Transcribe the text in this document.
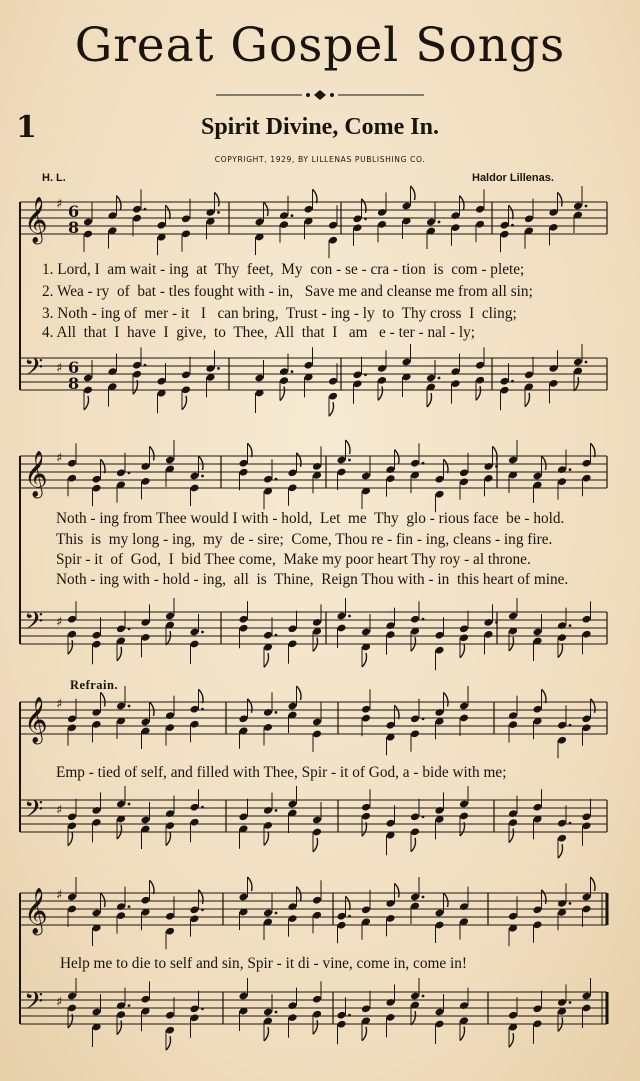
Great Gospel Songs
1	Spirit Divine, Come In.
COPYRIGHT, 1929, BY LILLENAS PUBLISHING CO.
H. L.	Haldor Lillenas.
𝄞 ♯ 6
8
𝄢 ♯ 6
8
𝄞 ♯
𝄢 ♯
𝄞 ♯
𝄢 ♯
𝄞 ♯
𝄢 ♯
1. Lord, I  am wait - ing  at  Thy  feet,  My  con - se - cra - tion  is  com - plete;
2. Wea - ry  of  bat - tles fought with - in,   Save me and cleanse me from all sin;
3. Noth - ing of  mer - it   I   can bring,  Trust - ing - ly  to  Thy cross  I  cling;
4. All  that  I  have  I  give,  to  Thee,  All  that  I   am   e - ter - nal - ly;
Noth - ing from Thee would I with - hold,  Let  me  Thy  glo - rious face  be - hold.
This  is  my long - ing,  my  de - sire;  Come, Thou re - fin - ing, cleans - ing fire.
Spir - it  of  God,  I  bid Thee come,  Make my poor heart Thy roy - al throne.
Noth - ing with - hold - ing,  all  is  Thine,  Reign Thou with - in  this heart of mine.
Refrain.
Emp - tied of self, and filled with Thee, Spir - it of God, a - bide with me;
Help me to die to self and sin, Spir - it di - vine, come in, come in!
